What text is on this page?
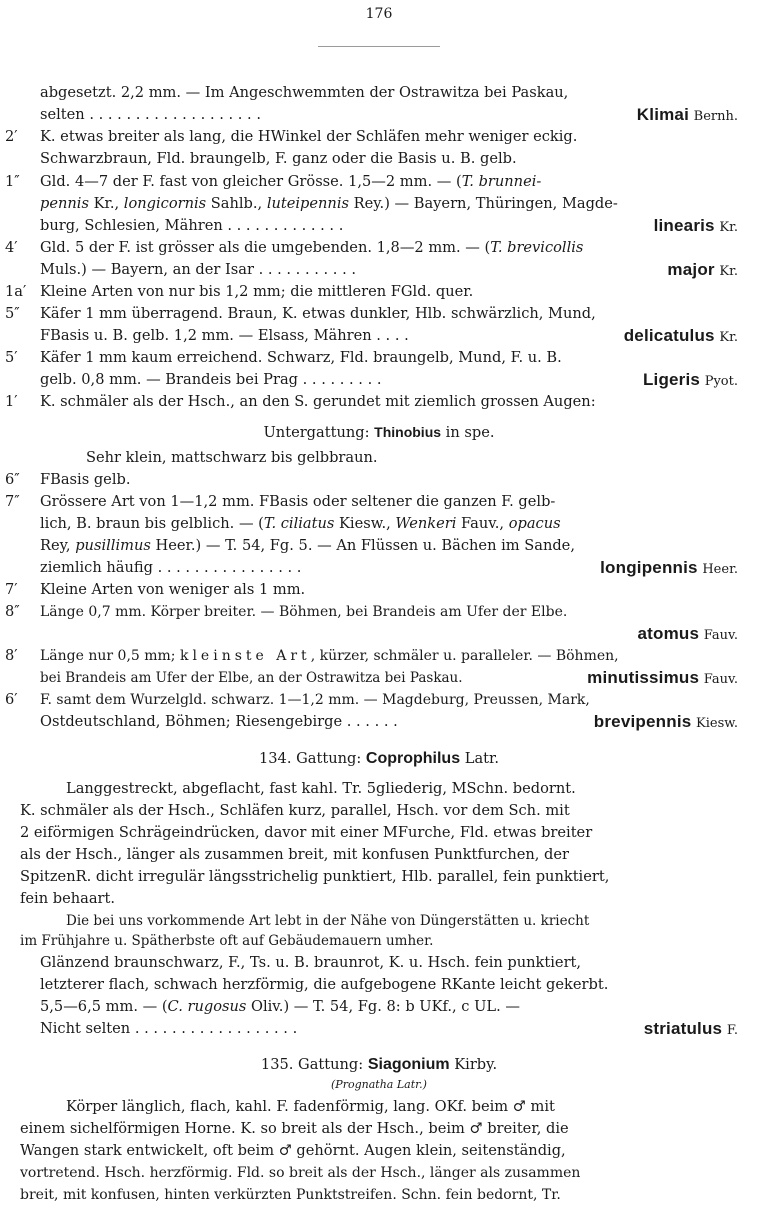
176
abgesetzt. 2,2 mm. — Im Angeschwemmten der Ostrawitza bei Paskau,
selten . . . . . . . . . . . . . . . . . . .	Klimai Bernh.
2′	K. etwas breiter als lang, die HWinkel der Schläfen mehr weniger eckig.
Schwarzbraun, Fld. braungelb, F. ganz oder die Basis u. B. gelb.
1″	Gld. 4—7 der F. fast von gleicher Grösse. 1,5—2 mm. — (T. brunnei-
pennis Kr., longicornis Sahlb., luteipennis Rey.) — Bayern, Thüringen, Magde-
burg, Schlesien, Mähren . . . . . . . . . . . . .	linearis Kr.
4′	Gld. 5 der F. ist grösser als die umgebenden. 1,8—2 mm. — (T. brevicollis
Muls.) — Bayern, an der Isar . . . . . . . . . . .	major Kr.
1a′ Kleine Arten von nur bis 1,2 mm; die mittleren FGld. quer.
5″	Käfer 1 mm überragend. Braun, K. etwas dunkler, Hlb. schwärzlich, Mund,
FBasis u. B. gelb. 1,2 mm. — Elsass, Mähren . . . .	delicatulus Kr.
5′	Käfer 1 mm kaum erreichend. Schwarz, Fld. braungelb, Mund, F. u. B.
gelb. 0,8 mm. — Brandeis bei Prag . . . . . . . . .	Ligeris Pyot.
1′	K. schmäler als der Hsch., an den S. gerundet mit ziemlich grossen Augen:
Untergattung: Thinobius in spe.
Sehr klein, mattschwarz bis gelbbraun.
6″	FBasis gelb.
7″	Grössere Art von 1—1,2 mm. FBasis oder seltener die ganzen F. gelb-
lich, B. braun bis gelblich. — (T. ciliatus Kiesw., Wenkeri Fauv., opacus
Rey, pusillimus Heer.) — T. 54, Fg. 5. — An Flüssen u. Bächen im Sande,
ziemlich häufig . . . . . . . . . . . . . . . .	longipennis Heer.
7′	Kleine Arten von weniger als 1 mm.
8″	Länge 0,7 mm. Körper breiter. — Böhmen, bei Brandeis am Ufer der Elbe.
atomus Fauv.
8′	Länge nur 0,5 mm; kleinste Art, kürzer, schmäler u. paralleler. — Böhmen,
bei Brandeis am Ufer der Elbe, an der Ostrawitza bei Paskau.	minutissimus Fauv.
6′	F. samt dem Wurzelgld. schwarz. 1—1,2 mm. — Magdeburg, Preussen, Mark,
Ostdeutschland, Böhmen; Riesengebirge . . . . . .	brevipennis Kiesw.
134. Gattung: Coprophilus Latr.
Langgestreckt, abgeflacht, fast kahl. Tr. 5gliederig, MSchn. bedornt.
K. schmäler als der Hsch., Schläfen kurz, parallel, Hsch. vor dem Sch. mit
2 eiförmigen Schrägeindrücken, davor mit einer MFurche, Fld. etwas breiter
als der Hsch., länger als zusammen breit, mit konfusen Punktfurchen, der
SpitzenR. dicht irregulär längsstrichelig punktiert, Hlb. parallel, fein punktiert,
fein behaart.
Die bei uns vorkommende Art lebt in der Nähe von Düngerstätten u. kriecht
im Frühjahre u. Spätherbste oft auf Gebäudemauern umher.
Glänzend braunschwarz, F., Ts. u. B. braunrot, K. u. Hsch. fein punktiert,
letzterer flach, schwach herzförmig, die aufgebogene RKante leicht gekerbt.
5,5—6,5 mm. — (C. rugosus Oliv.) — T. 54, Fg. 8: b UKf., c UL. —
Nicht selten . . . . . . . . . . . . . . . . . .	striatulus F.
135. Gattung: Siagonium Kirby.
(Prognatha Latr.)
Körper länglich, flach, kahl. F. fadenförmig, lang. OKf. beim ♂ mit
einem sichelförmigen Horne. K. so breit als der Hsch., beim ♂ breiter, die
Wangen stark entwickelt, oft beim ♂ gehörnt. Augen klein, seitenständig,
vortretend. Hsch. herzförmig. Fld. so breit als der Hsch., länger als zusammen
breit, mit konfusen, hinten verkürzten Punktstreifen. Schn. fein bedornt, Tr.
